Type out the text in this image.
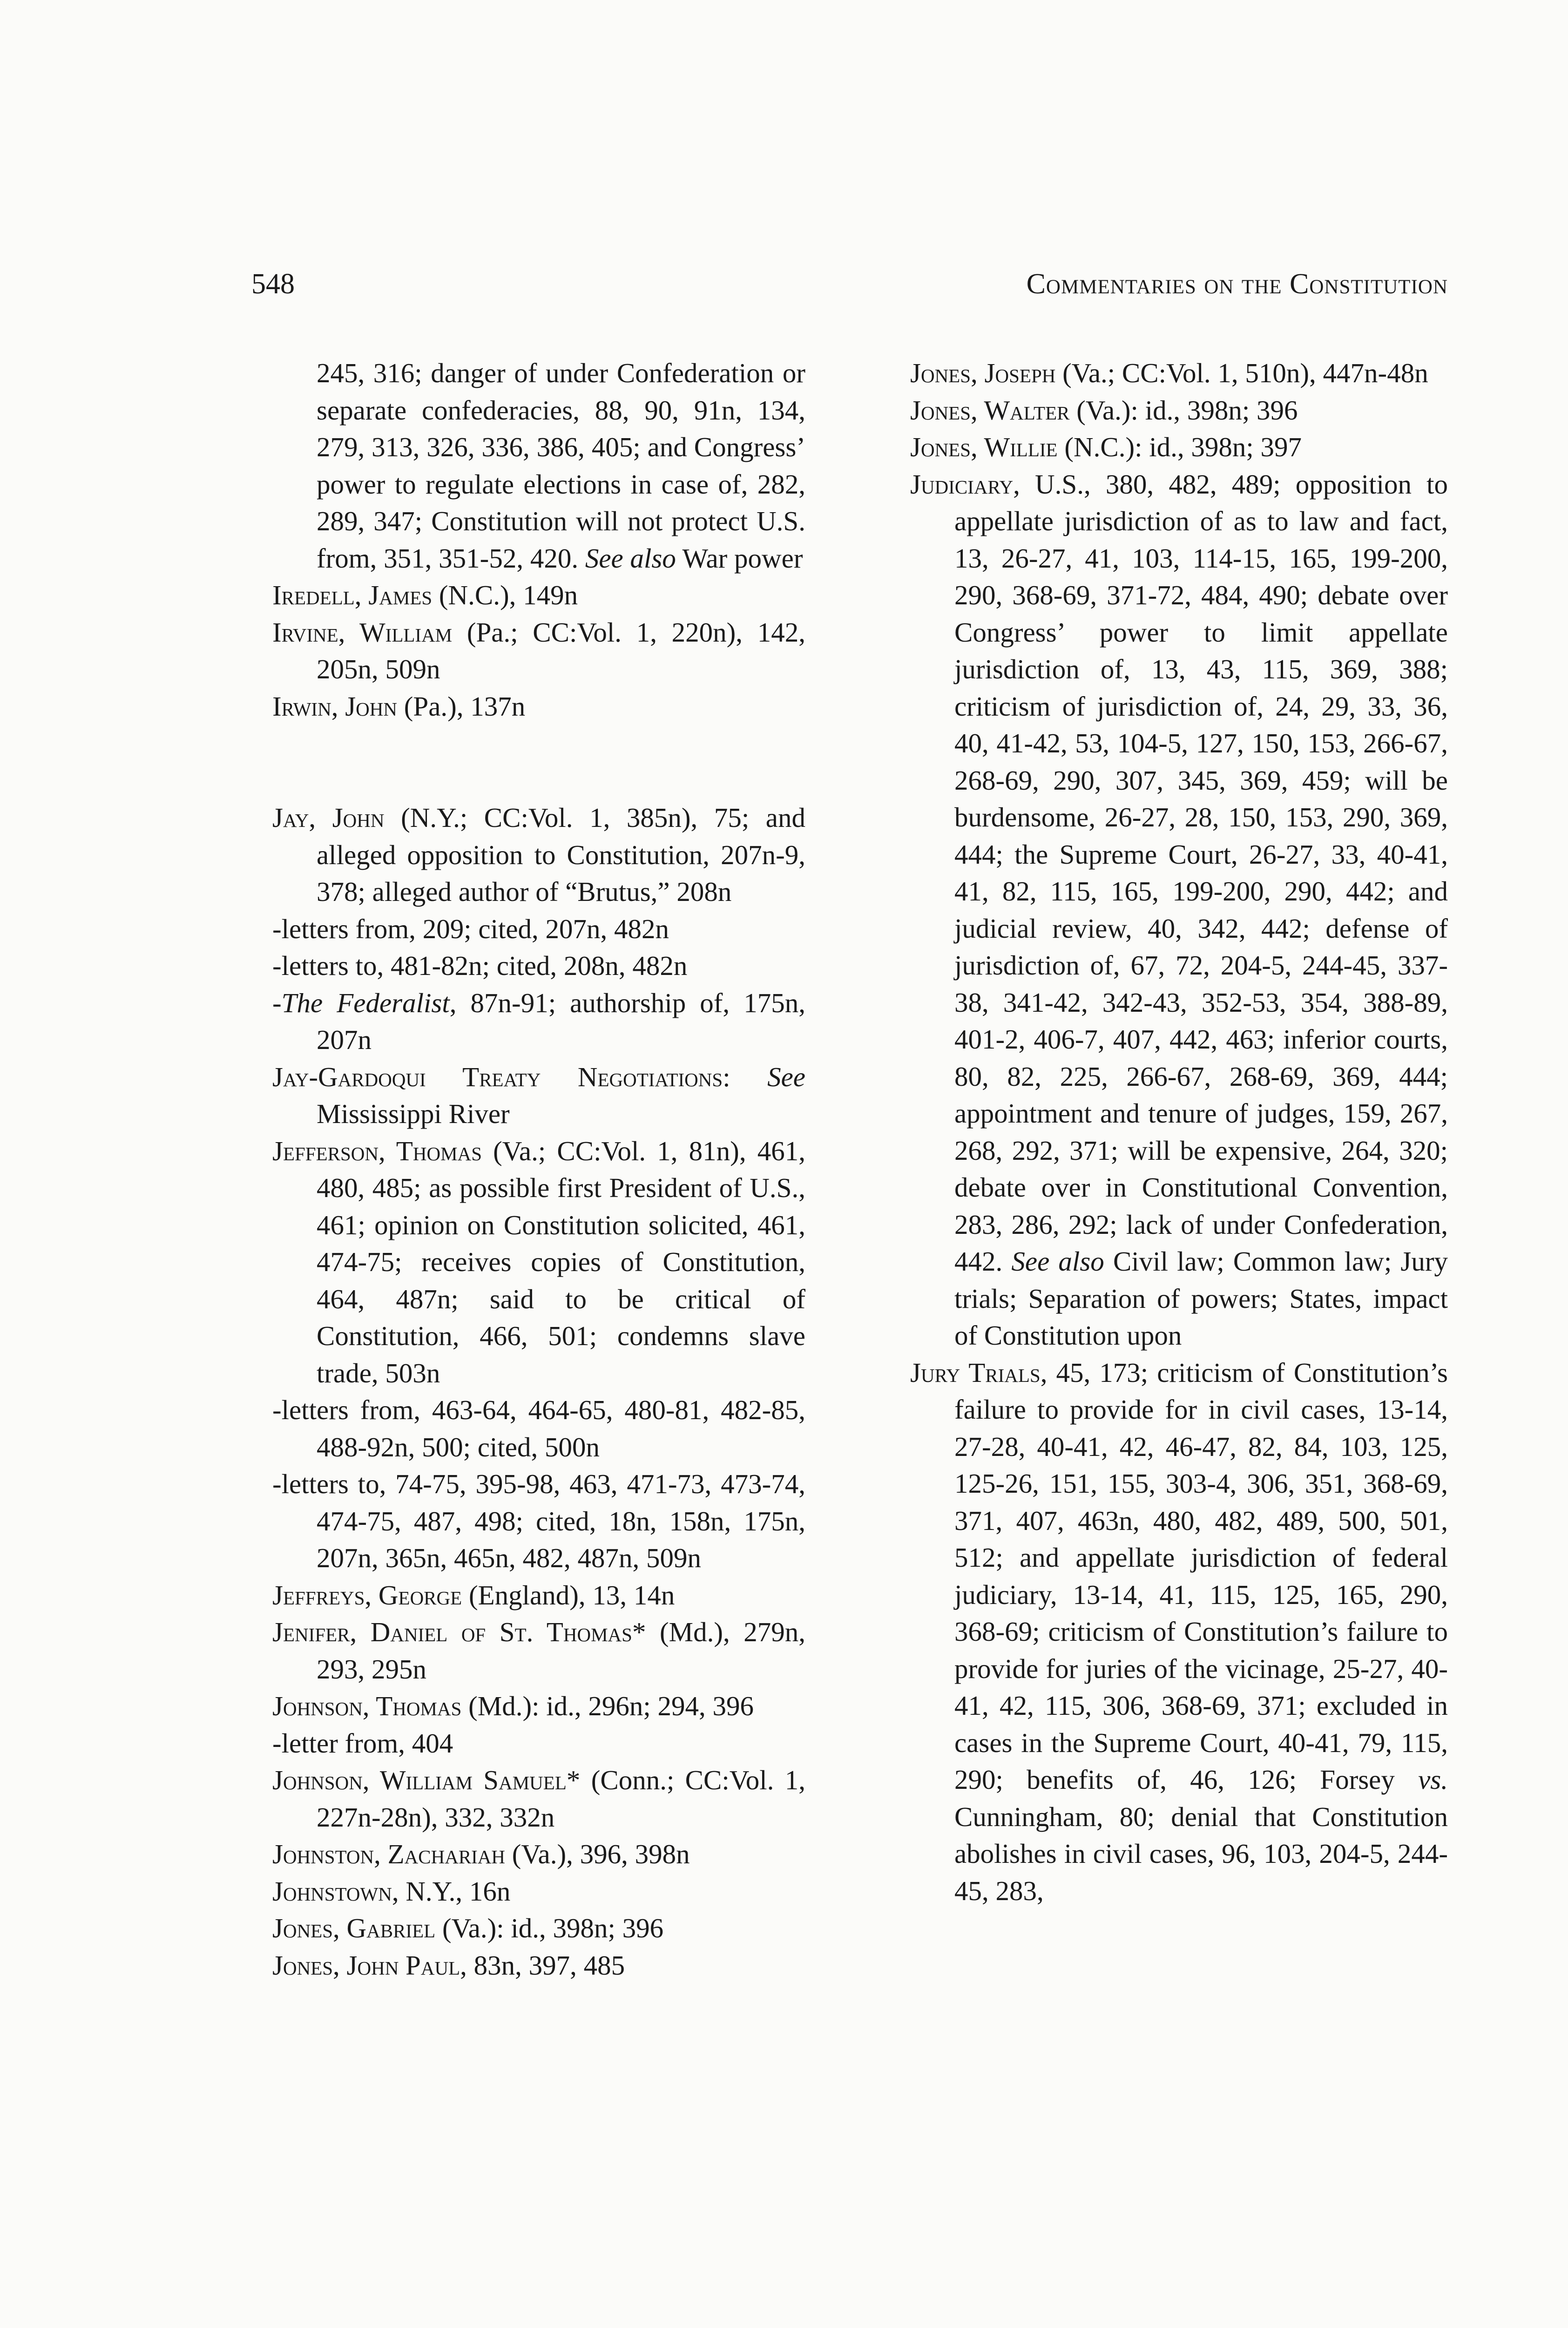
548	Commentaries on the Constitution

245, 316; danger of under Confederation or separate confederacies, 88, 90, 91n, 134, 279, 313, 326, 336, 386, 405; and Congress’ power to regulate elections in case of, 282, 289, 347; Constitution will not protect U.S. from, 351, 351-52, 420. See also War power

Iredell, James (N.C.), 149n

Irvine, William (Pa.; CC:Vol. 1, 220n), 142, 205n, 509n

Irwin, John (Pa.), 137n

Jay, John (N.Y.; CC:Vol. 1, 385n), 75; and alleged opposition to Constitution, 207n-9, 378; alleged author of “Brutus,” 208n

-letters from, 209; cited, 207n, 482n

-letters to, 481-82n; cited, 208n, 482n

-The Federalist, 87n-91; authorship of, 175n, 207n

Jay-Gardoqui Treaty Negotiations: See Mississippi River

Jefferson, Thomas (Va.; CC:Vol. 1, 81n), 461, 480, 485; as possible first President of U.S., 461; opinion on Constitution solicited, 461, 474-75; receives copies of Constitution, 464, 487n; said to be critical of Constitution, 466, 501; condemns slave trade, 503n

-letters from, 463-64, 464-65, 480-81, 482-85, 488-92n, 500; cited, 500n

-letters to, 74-75, 395-98, 463, 471-73, 473-74, 474-75, 487, 498; cited, 18n, 158n, 175n, 207n, 365n, 465n, 482, 487n, 509n

Jeffreys, George (England), 13, 14n

Jenifer, Daniel of St. Thomas* (Md.), 279n, 293, 295n

Johnson, Thomas (Md.): id., 296n; 294, 396

-letter from, 404

Johnson, William Samuel* (Conn.; CC:Vol. 1, 227n-28n), 332, 332n

Johnston, Zachariah (Va.), 396, 398n

Johnstown, N.Y., 16n

Jones, Gabriel (Va.): id., 398n; 396

Jones, John Paul, 83n, 397, 485

Jones, Joseph (Va.; CC:Vol. 1, 510n), 447n-48n

Jones, Walter (Va.): id., 398n; 396

Jones, Willie (N.C.): id., 398n; 397

Judiciary, U.S., 380, 482, 489; opposition to appellate jurisdiction of as to law and fact, 13, 26-27, 41, 103, 114-15, 165, 199-200, 290, 368-69, 371-72, 484, 490; debate over Congress’ power to limit appellate jurisdiction of, 13, 43, 115, 369, 388; criticism of jurisdiction of, 24, 29, 33, 36, 40, 41-42, 53, 104-5, 127, 150, 153, 266-67, 268-69, 290, 307, 345, 369, 459; will be burdensome, 26-27, 28, 150, 153, 290, 369, 444; the Supreme Court, 26-27, 33, 40-41, 41, 82, 115, 165, 199-200, 290, 442; and judicial review, 40, 342, 442; defense of jurisdiction of, 67, 72, 204-5, 244-45, 337-38, 341-42, 342-43, 352-53, 354, 388-89, 401-2, 406-7, 407, 442, 463; inferior courts, 80, 82, 225, 266-67, 268-69, 369, 444; appointment and tenure of judges, 159, 267, 268, 292, 371; will be expensive, 264, 320; debate over in Constitutional Convention, 283, 286, 292; lack of under Confederation, 442. See also Civil law; Common law; Jury trials; Separation of powers; States, impact of Constitution upon

Jury Trials, 45, 173; criticism of Constitution’s failure to provide for in civil cases, 13-14, 27-28, 40-41, 42, 46-47, 82, 84, 103, 125, 125-26, 151, 155, 303-4, 306, 351, 368-69, 371, 407, 463n, 480, 482, 489, 500, 501, 512; and appellate jurisdiction of federal judiciary, 13-14, 41, 115, 125, 165, 290, 368-69; criticism of Constitution’s failure to provide for juries of the vicinage, 25-27, 40-41, 42, 115, 306, 368-69, 371; excluded in cases in the Supreme Court, 40-41, 79, 115, 290; benefits of, 46, 126; Forsey vs. Cunningham, 80; denial that Constitution abolishes in civil cases, 96, 103, 204-5, 244-45, 283,
